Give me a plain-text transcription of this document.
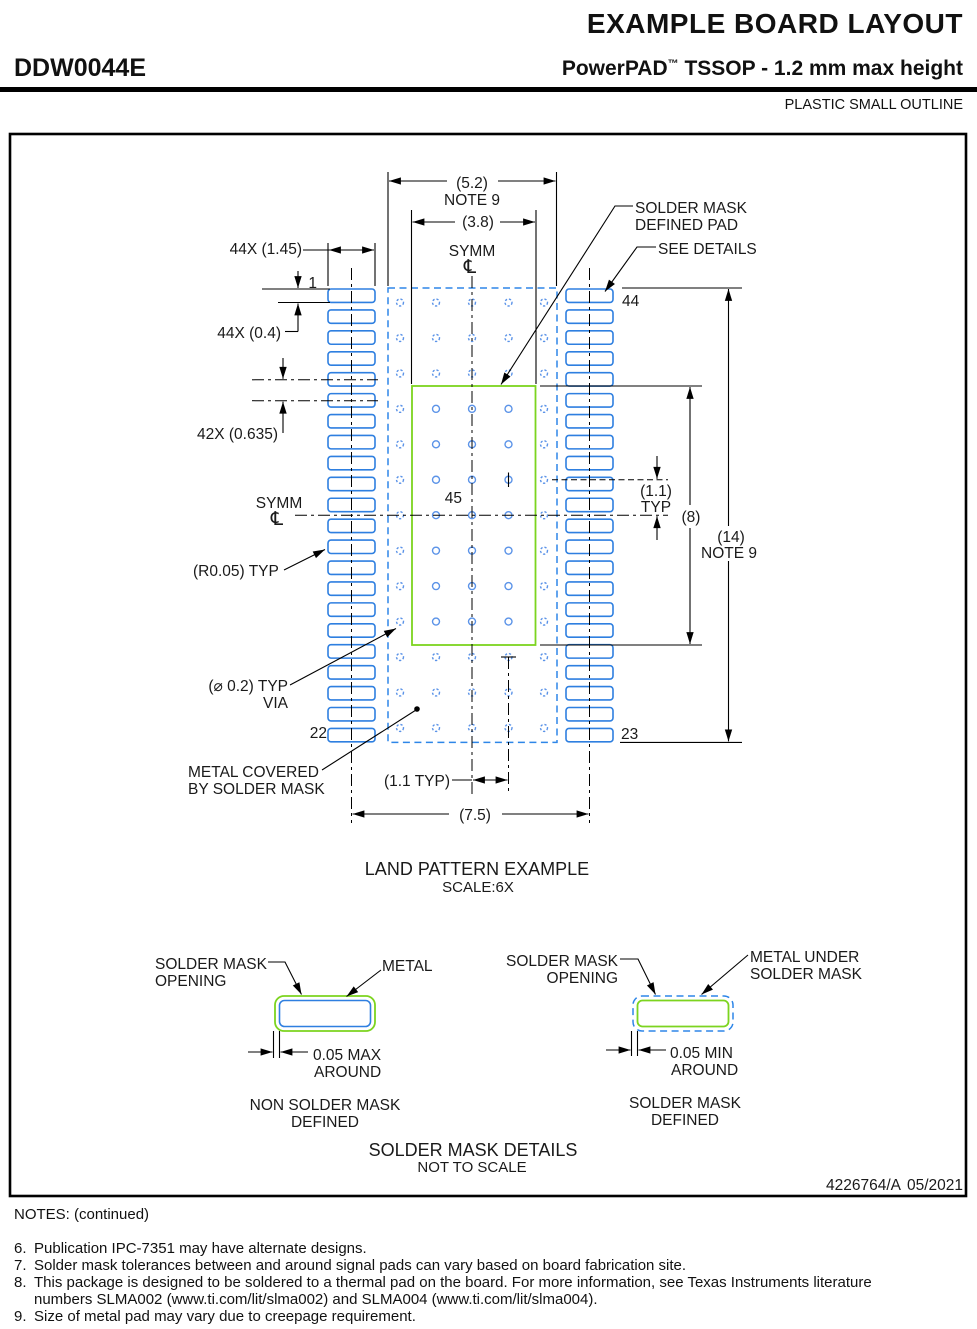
EXAMPLE BOARD LAYOUT
DDW0044E	PowerPAD™ TSSOP - 1.2 mm max height
PLASTIC SMALL OUTLINE
(5.2)
NOTE 9
(3.8)
SYMM
℄
SOLDER MASK
DEFINED PAD
SEE DETAILS
44X (1.45)
1
44X (0.4)
42X (0.635)
SYMM
℄
(R0.05) TYP
45
44
22	23
(1.1)
TYP
(8)
(14)
NOTE 9
(⌀ 0.2) TYP
VIA
METAL COVERED
BY SOLDER MASK	(1.1 TYP)
(7.5)
LAND PATTERN EXAMPLE
SCALE:6X
SOLDER MASK
OPENING
METAL
0.05 MAX
AROUND
NON SOLDER MASK
DEFINED
SOLDER MASK
OPENING
METAL UNDER
SOLDER MASK
0.05 MIN
AROUND
SOLDER MASK
DEFINED
SOLDER MASK DETAILS
NOT TO SCALE
4226764/A 05/2021
NOTES: (continued)
6. Publication IPC-7351 may have alternate designs.
7. Solder mask tolerances between and around signal pads can vary based on board fabrication site.
8. This package is designed to be soldered to a thermal pad on the board. For more information, see Texas Instruments literature
numbers SLMA002 (www.ti.com/lit/slma002) and SLMA004 (www.ti.com/lit/slma004).
9. Size of metal pad may vary due to creepage requirement.
